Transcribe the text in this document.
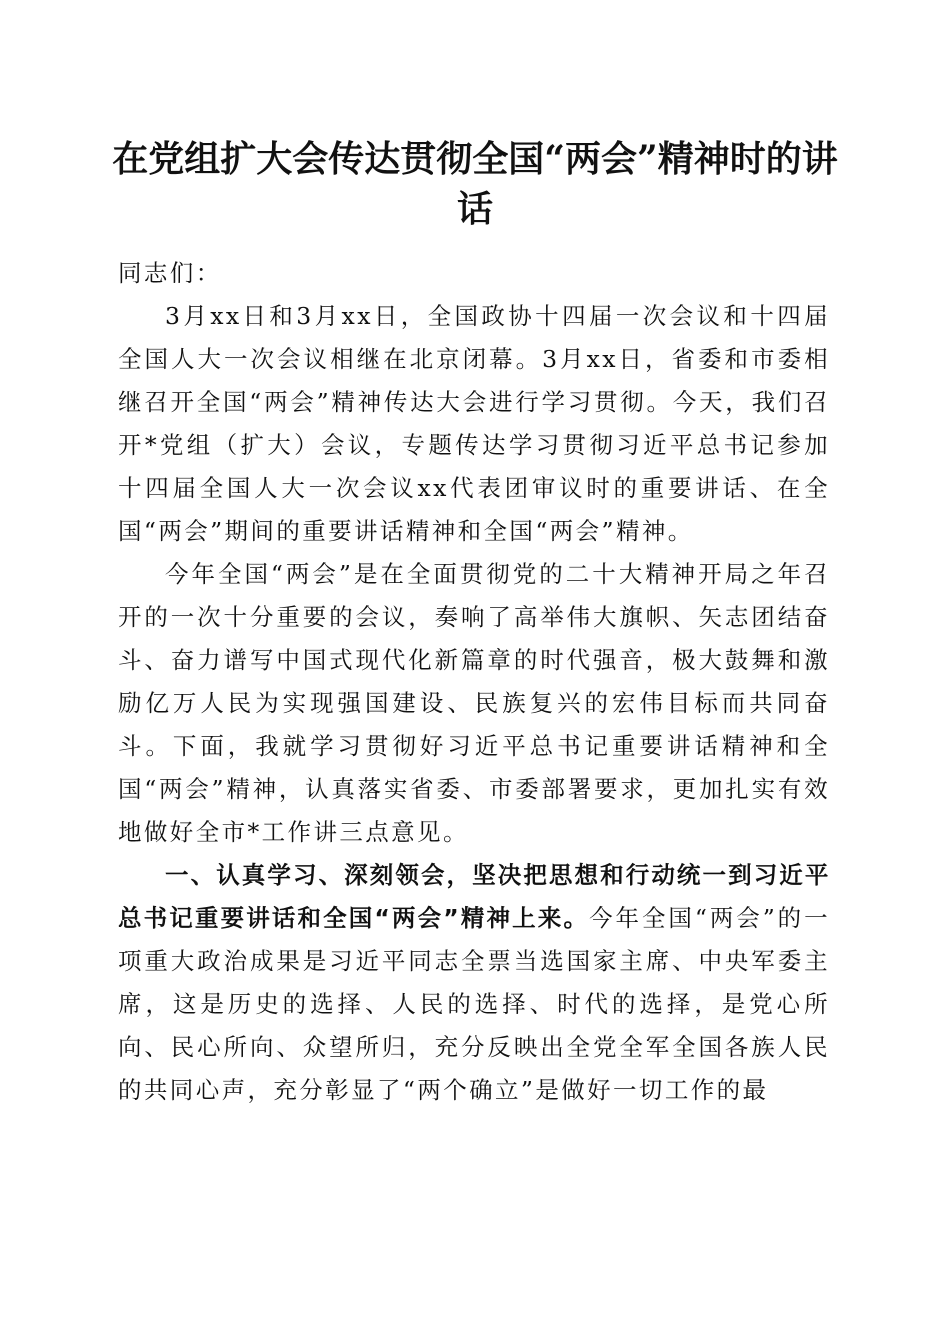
在党组扩大会传达贯彻全国“两会”精神时的讲话

同志们：

3月xx日和3月xx日，全国政协十四届一次会议和十四届全国人大一次会议相继在北京闭幕。3月xx日，省委和市委相继召开全国“两会”精神传达大会进行学习贯彻。今天，我们召开*党组（扩大）会议，专题传达学习贯彻习近平总书记参加十四届全国人大一次会议xx代表团审议时的重要讲话、在全国“两会”期间的重要讲话精神和全国“两会”精神。

今年全国“两会”是在全面贯彻党的二十大精神开局之年召开的一次十分重要的会议，奏响了高举伟大旗帜、矢志团结奋斗、奋力谱写中国式现代化新篇章的时代强音，极大鼓舞和激励亿万人民为实现强国建设、民族复兴的宏伟目标而共同奋斗。下面，我就学习贯彻好习近平总书记重要讲话精神和全国“两会”精神，认真落实省委、市委部署要求，更加扎实有效地做好全市*工作讲三点意见。

一、认真学习、深刻领会，坚决把思想和行动统一到习近平总书记重要讲话和全国“两会”精神上来。今年全国“两会”的一项重大政治成果是习近平同志全票当选国家主席、中央军委主席，这是历史的选择、人民的选择、时代的选择，是党心所向、民心所向、众望所归，充分反映出全党全军全国各族人民的共同心声，充分彰显了“两个确立”是做好一切工作的最
